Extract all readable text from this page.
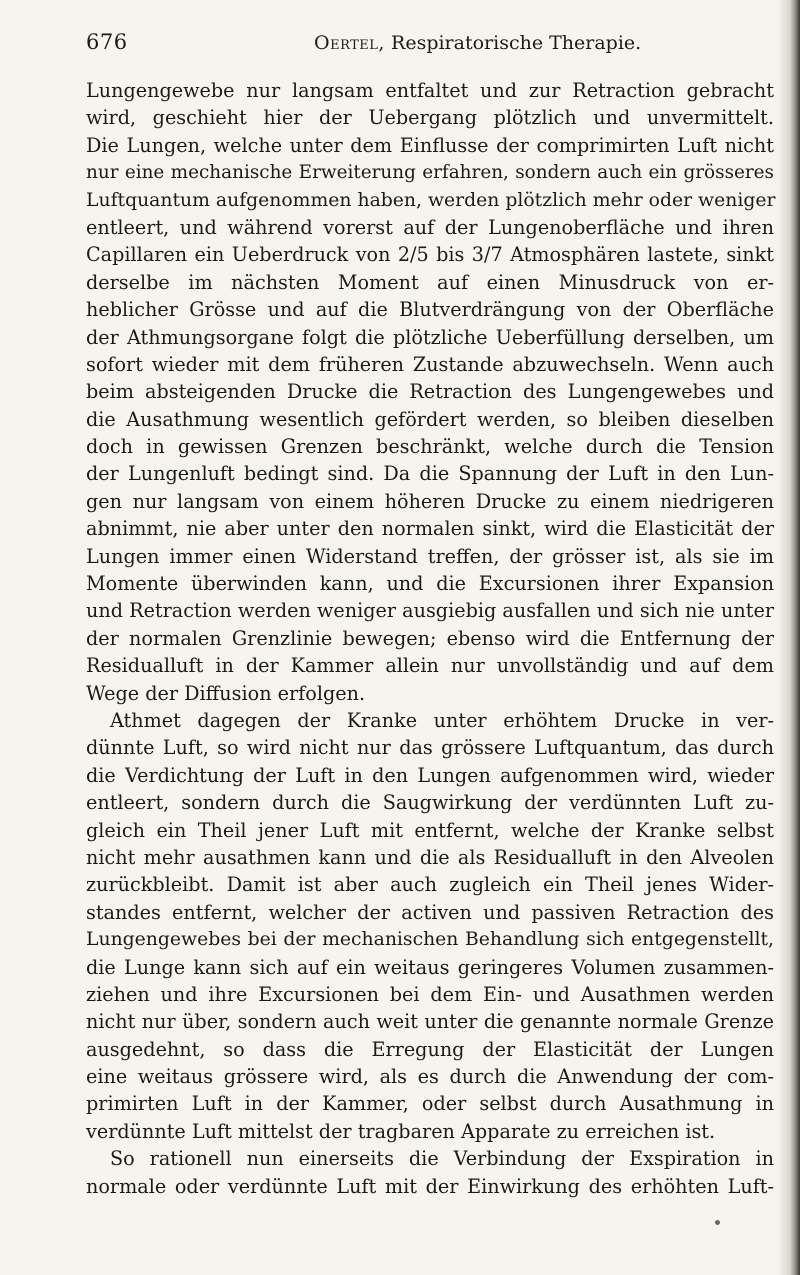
676	Oertel, Respiratorische Therapie.
Lungengewebe nur langsam entfaltet und zur Retraction gebracht
wird, geschieht hier der Uebergang plötzlich und unvermittelt.
Die Lungen, welche unter dem Einflusse der comprimirten Luft nicht
nur eine mechanische Erweiterung erfahren, sondern auch ein grösseres
Luftquantum aufgenommen haben, werden plötzlich mehr oder weniger
entleert, und während vorerst auf der Lungenoberfläche und ihren
Capillaren ein Ueberdruck von 2/5 bis 3/7 Atmosphären lastete, sinkt
derselbe im nächsten Moment auf einen Minusdruck von er-
heblicher Grösse und auf die Blutverdrängung von der Oberfläche
der Athmungsorgane folgt die plötzliche Ueberfüllung derselben, um
sofort wieder mit dem früheren Zustande abzuwechseln. Wenn auch
beim absteigenden Drucke die Retraction des Lungengewebes und
die Ausathmung wesentlich gefördert werden, so bleiben dieselben
doch in gewissen Grenzen beschränkt, welche durch die Tension
der Lungenluft bedingt sind. Da die Spannung der Luft in den Lun-
gen nur langsam von einem höheren Drucke zu einem niedrigeren
abnimmt, nie aber unter den normalen sinkt, wird die Elasticität der
Lungen immer einen Widerstand treffen, der grösser ist, als sie im
Momente überwinden kann, und die Excursionen ihrer Expansion
und Retraction werden weniger ausgiebig ausfallen und sich nie unter
der normalen Grenzlinie bewegen; ebenso wird die Entfernung der
Residualluft in der Kammer allein nur unvollständig und auf dem
Wege der Diffusion erfolgen.
Athmet dagegen der Kranke unter erhöhtem Drucke in ver-
dünnte Luft, so wird nicht nur das grössere Luftquantum, das durch
die Verdichtung der Luft in den Lungen aufgenommen wird, wieder
entleert, sondern durch die Saugwirkung der verdünnten Luft zu-
gleich ein Theil jener Luft mit entfernt, welche der Kranke selbst
nicht mehr ausathmen kann und die als Residualluft in den Alveolen
zurückbleibt. Damit ist aber auch zugleich ein Theil jenes Wider-
standes entfernt, welcher der activen und passiven Retraction des
Lungengewebes bei der mechanischen Behandlung sich entgegenstellt,
die Lunge kann sich auf ein weitaus geringeres Volumen zusammen-
ziehen und ihre Excursionen bei dem Ein- und Ausathmen werden
nicht nur über, sondern auch weit unter die genannte normale Grenze
ausgedehnt, so dass die Erregung der Elasticität der Lungen
eine weitaus grössere wird, als es durch die Anwendung der com-
primirten Luft in der Kammer, oder selbst durch Ausathmung in
verdünnte Luft mittelst der tragbaren Apparate zu erreichen ist.
So rationell nun einerseits die Verbindung der Exspiration in
normale oder verdünnte Luft mit der Einwirkung des erhöhten Luft-
